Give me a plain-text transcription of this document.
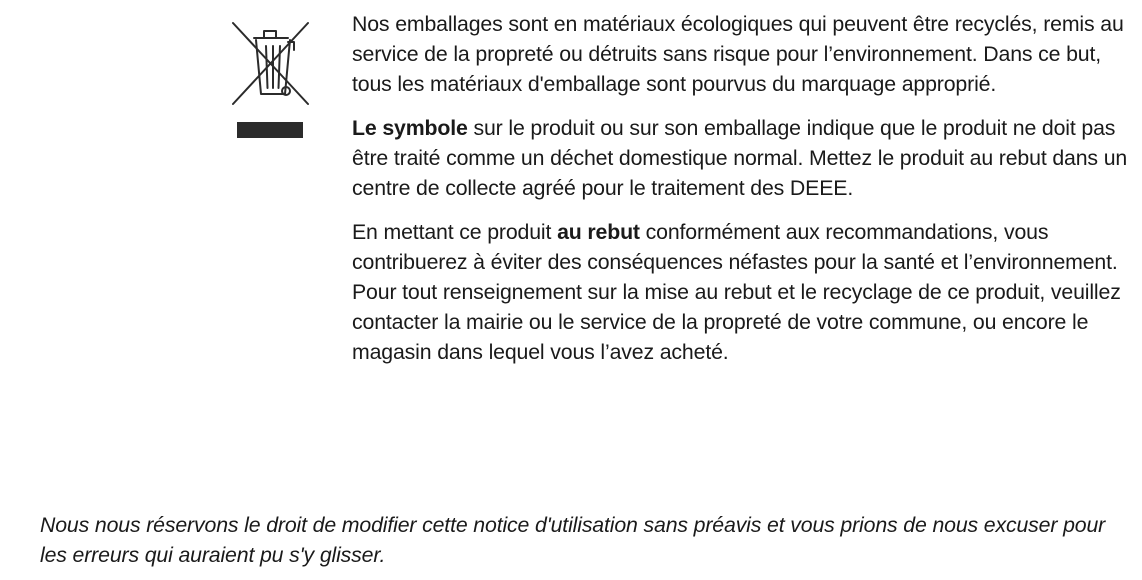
Nos emballages sont en matériaux écologiques qui peuvent être recyclés, remis au service de la propreté ou détruits sans risque pour l’environnement. Dans ce but, tous les matériaux d'emballage sont pourvus du marquage approprié.

Le symbole sur le produit ou sur son emballage indique que le produit ne doit pas être traité comme un déchet domestique normal. Mettez le produit au rebut dans un centre de collecte agréé pour le traitement des DEEE.

En mettant ce produit au rebut conformément aux recommandations, vous contribuerez à éviter des conséquences néfastes pour la santé et l’environnement. Pour tout renseignement sur la mise au rebut et le recyclage de ce produit, veuillez contacter la mairie ou le service de la propreté de votre commune, ou encore le magasin dans lequel vous l’avez acheté.

Nous nous réservons le droit de modifier cette notice d'utilisation sans préavis et vous prions de nous excuser pour les erreurs qui auraient pu s'y glisser.
